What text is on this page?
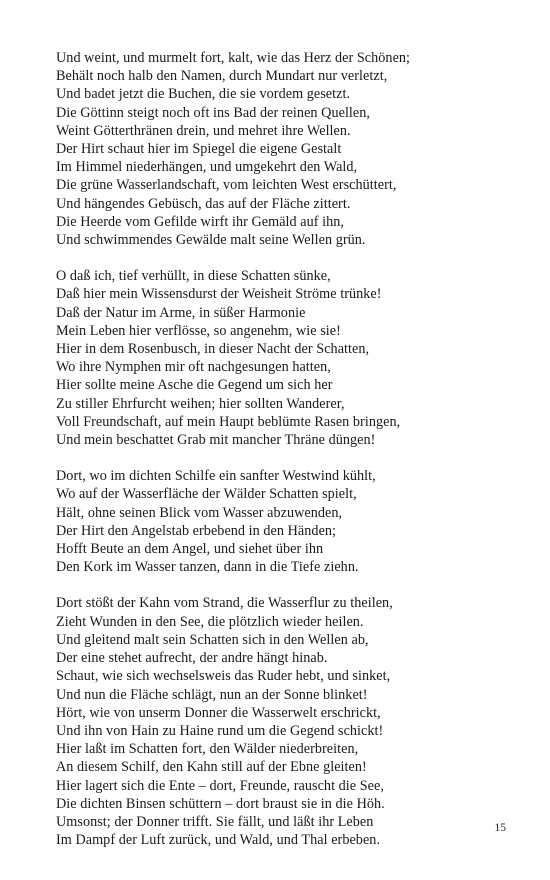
Und weint, und murmelt fort, kalt, wie das Herz der Schönen;
Behält noch halb den Namen, durch Mundart nur verletzt,
Und badet jetzt die Buchen, die sie vordem gesetzt.
Die Göttinn steigt noch oft ins Bad der reinen Quellen,
Weint Götterthränen drein, und mehret ihre Wellen.
Der Hirt schaut hier im Spiegel die eigene Gestalt
Im Himmel niederhängen, und umgekehrt den Wald,
Die grüne Wasserlandschaft, vom leichten West erschüttert,
Und hängendes Gebüsch, das auf der Fläche zittert.
Die Heerde vom Gefilde wirft ihr Gemäld auf ihn,
Und schwimmendes Gewälde malt seine Wellen grün.
O daß ich, tief verhüllt, in diese Schatten sünke,
Daß hier mein Wissensdurst der Weisheit Ströme trünke!
Daß der Natur im Arme, in süßer Harmonie
Mein Leben hier verflösse, so angenehm, wie sie!
Hier in dem Rosenbusch, in dieser Nacht der Schatten,
Wo ihre Nymphen mir oft nachgesungen hatten,
Hier sollte meine Asche die Gegend um sich her
Zu stiller Ehrfurcht weihen; hier sollten Wanderer,
Voll Freundschaft, auf mein Haupt beblümte Rasen bringen,
Und mein beschattet Grab mit mancher Thräne düngen!
Dort, wo im dichten Schilfe ein sanfter Westwind kühlt,
Wo auf der Wasserfläche der Wälder Schatten spielt,
Hält, ohne seinen Blick vom Wasser abzuwenden,
Der Hirt den Angelstab erbebend in den Händen;
Hofft Beute an dem Angel, und siehet über ihn
Den Kork im Wasser tanzen, dann in die Tiefe ziehn.
Dort stößt der Kahn vom Strand, die Wasserflur zu theilen,
Zieht Wunden in den See, die plötzlich wieder heilen.
Und gleitend malt sein Schatten sich in den Wellen ab,
Der eine stehet aufrecht, der andre hängt hinab.
Schaut, wie sich wechselsweis das Ruder hebt, und sinket,
Und nun die Fläche schlägt, nun an der Sonne blinket!
Hört, wie von unserm Donner die Wasserwelt erschrickt,
Und ihn von Hain zu Haine rund um die Gegend schickt!
Hier laßt im Schatten fort, den Wälder niederbreiten,
An diesem Schilf, den Kahn still auf der Ebne gleiten!
Hier lagert sich die Ente – dort, Freunde, rauscht die See,
Die dichten Binsen schüttern – dort braust sie in die Höh.
Umsonst; der Donner trifft. Sie fällt, und läßt ihr Leben
Im Dampf der Luft zurück, und Wald, und Thal erbeben.
15
